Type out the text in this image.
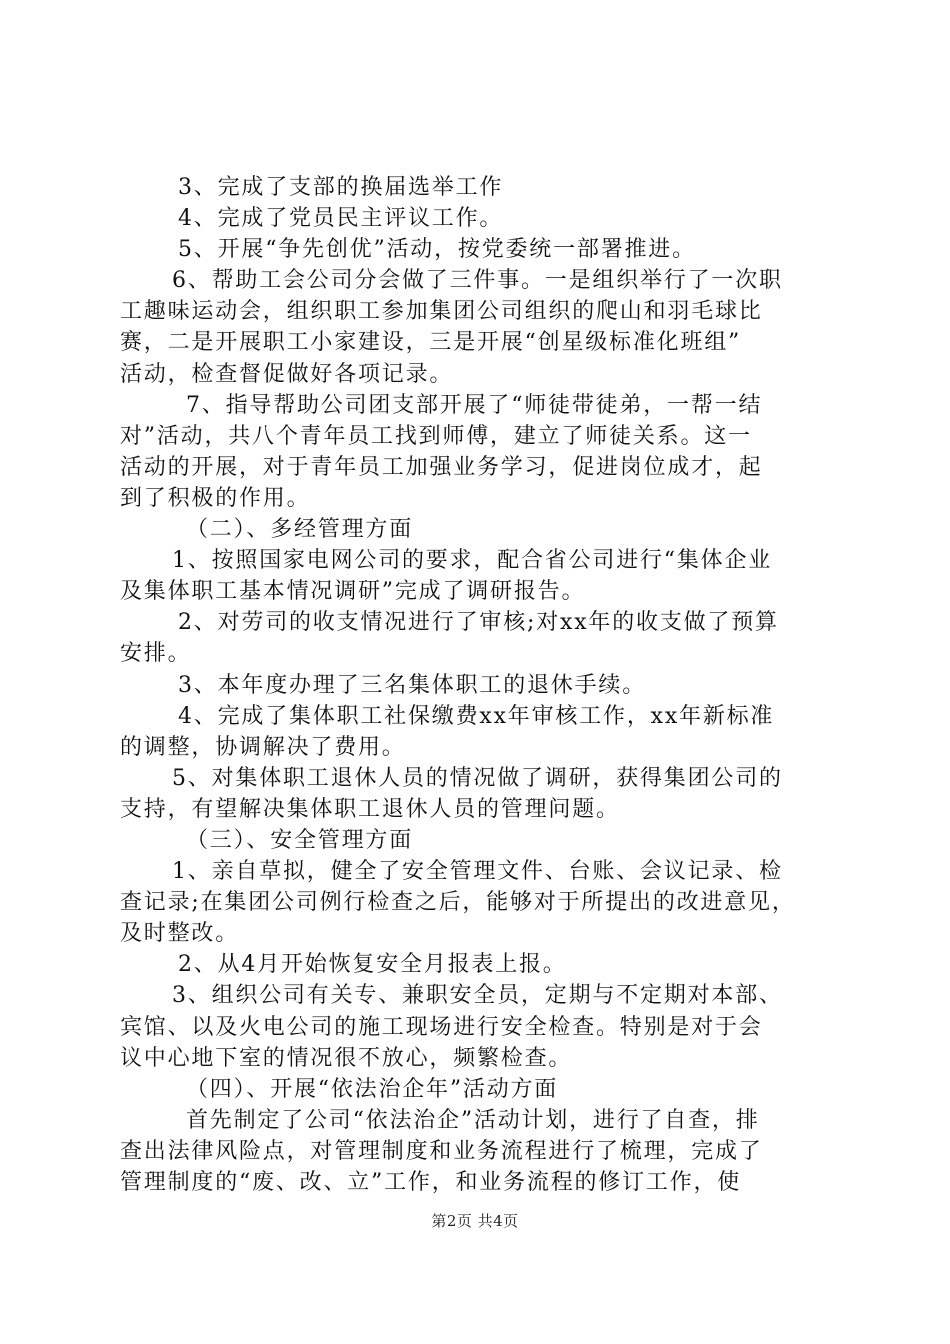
3、完成了支部的换届选举工作
4、完成了党员民主评议工作。
5、开展“争先创优”活动，按党委统一部署推进。
6、帮助工会公司分会做了三件事。一是组织举行了一次职
工趣味运动会，组织职工参加集团公司组织的爬山和羽毛球比
赛，二是开展职工小家建设，三是开展“创星级标准化班组”
活动，检查督促做好各项记录。
7、指导帮助公司团支部开展了“师徒带徒弟，一帮一结
对”活动，共八个青年员工找到师傅，建立了师徒关系。这一
活动的开展，对于青年员工加强业务学习，促进岗位成才，起
到了积极的作用。
（二）、多经管理方面
1、按照国家电网公司的要求，配合省公司进行“集体企业
及集体职工基本情况调研”完成了调研报告。
2、对劳司的收支情况进行了审核;对xx年的收支做了预算
安排。
3、本年度办理了三名集体职工的退休手续。
4、完成了集体职工社保缴费xx年审核工作，xx年新标准
的调整，协调解决了费用。
5、对集体职工退休人员的情况做了调研，获得集团公司的
支持，有望解决集体职工退休人员的管理问题。
（三）、安全管理方面
1、亲自草拟，健全了安全管理文件、台账、会议记录、检
查记录;在集团公司例行检查之后，能够对于所提出的改进意见，
及时整改。
2、从4月开始恢复安全月报表上报。
3、组织公司有关专、兼职安全员，定期与不定期对本部、
宾馆、以及火电公司的施工现场进行安全检查。特别是对于会
议中心地下室的情况很不放心，频繁检查。
（四）、开展“依法治企年”活动方面
首先制定了公司“依法治企”活动计划，进行了自查，排
查出法律风险点，对管理制度和业务流程进行了梳理，完成了
管理制度的“废、改、立”工作，和业务流程的修订工作，使
第2页 共4页
